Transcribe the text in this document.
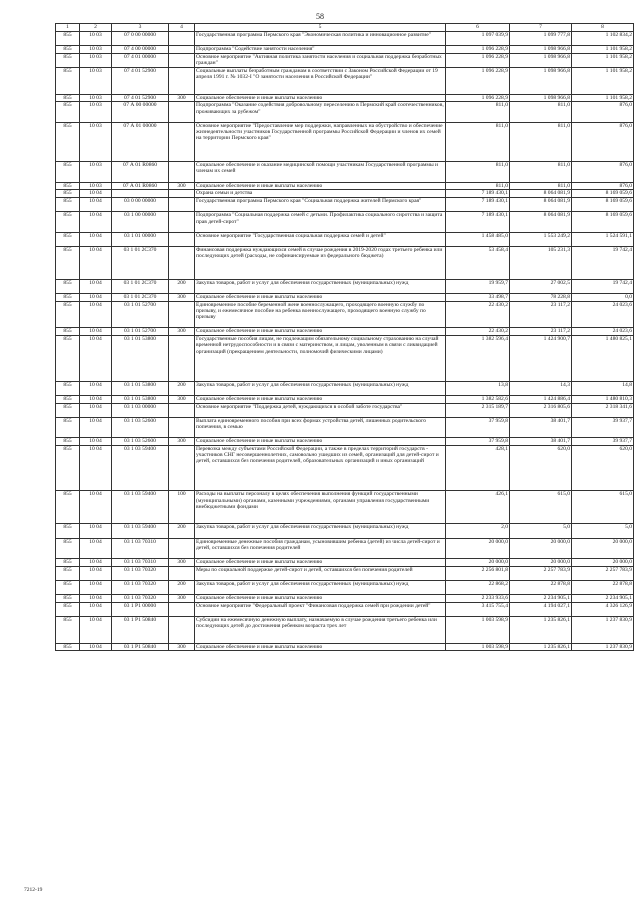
58
1	2	3	4	5	6	7	8
855	10 03	07 0 00 00000		Государственная программа Пермского края "Экономическая политика и инновационное развитие"	1 097 039,9	1 099 777,8	1 102 834,2
855	10 03	07 4 00 00000		Подпрограмма "Содействие занятости населения"	1 096 228,9	1 098 966,8	1 101 958,2
855	10 03	07 4 01 00000		Основное мероприятие "Активная политика занятости населения и социальная поддержка безработных граждан"	1 096 228,9	1 098 966,8	1 101 958,2
855	10 03	07 4 01 52900		Социальные выплаты безработным гражданам в соответствии с Законом Российской Федерации от 19 апреля 1991 г. № 1032-I "О занятости населения в Российской Федерации"	1 096 228,9	1 098 966,8	1 101 958,2
855	10 03	07 4 01 52900	300	Социальное обеспечение и иные выплаты населению	1 096 228,9	1 098 966,8	1 101 958,2
855	10 03	07 А 00 00000		Подпрограмма "Оказание содействия добровольному переселению в Пермский край соотечественников, проживающих за рубежом"	811,0	811,0	876,0
855	10 03	07 А 01 00000		Основное мероприятие "Предоставление мер поддержки, направленных на обустройство и обеспечение жизнедеятельности участников Государственной программы Российской Федерации и членов их семей на территории Пермского края"	811,0	811,0	876,0
855	10 03	07 А 01 R0860		Социальное обеспечение и оказание медицинской помощи участникам Государственной программы и членам их семей	811,0	811,0	876,0
855	10 03	07 А 01 R0860	300	Социальное обеспечение и иные выплаты населению	811,0	811,0	876,0
855	10 04			Охрана семьи и детства	7 189 430,1	8 064 081,9	8 169 059,6
855	10 04	03 0 00 00000		Государственная программа Пермского края "Социальная поддержка жителей Пермского края"	7 189 430,1	8 064 081,9	8 169 059,6
855	10 04	03 1 00 00000		Подпрограмма "Социальная поддержка семей с детьми. Профилактика социального сиротства и защита прав детей-сирот"	7 189 430,1	8 064 081,9	8 169 059,6
855	10 04	03 1 01 00000		Основное мероприятие "Государственная социальная поддержка семей и детей"	1 458 485,0	1 553 249,2	1 524 591,1
855	10 04	03 1 01 2С370		Финансовая поддержка нуждающихся семей в случае рождения в 2019-2020 годах третьего ребенка или последующих детей (расходы, не софинансируемые из федерального бюджета)	53 458,4	105 231,3	19 742,4
855	10 04	03 1 01 2С370	200	Закупка товаров, работ и услуг для обеспечения государственных (муниципальных) нужд	19 959,7	27 002,5	19 742,4
855	10 04	03 1 01 2С370	300	Социальное обеспечение и иные выплаты населению	33 498,7	78 228,8	0,0
855	10 04	03 1 01 52700		Единовременное пособие беременной жене военнослужащего, проходящего военную службу по призыву, и ежемесячное пособие на ребенка военнослужащего, проходящего военную службу по призыву	22 430,2	23 117,2	24 023,6
855	10 04	03 1 01 52700	300	Социальное обеспечение и иные выплаты населению	22 430,2	23 117,2	24 023,6
855	10 04	03 1 01 53800		Государственные пособия лицам, не подлежащим обязательному социальному страхованию на случай временной нетрудоспособности и в связи с материнством, и лицам, уволенным в связи с ликвидацией организаций (прекращением деятельности, полномочий физическими лицами)	1 382 596,4	1 424 900,7	1 480 825,1
855	10 04	03 1 01 53800	200	Закупка товаров, работ и услуг для обеспечения государственных (муниципальных) нужд	13,8	14,3	14,8
855	10 04	03 1 01 53800	300	Социальное обеспечение и иные выплаты населению	1 382 582,6	1 424 886,4	1 480 810,3
855	10 04	03 1 03 00000		Основное мероприятие "Поддержка детей, нуждающихся в особой заботе государства"	2 315 189,7	2 316 805,6	2 318 341,6
855	10 04	03 1 03 52600		Выплата единовременного пособия при всех формах устройства детей, лишенных родительского попечения, в семью	37 959,8	38 401,7	39 937,7
855	10 04	03 1 03 52600	300	Социальное обеспечение и иные выплаты населению	37 959,8	38 401,7	39 937,7
855	10 04	03 1 03 59400		Перевозка между субъектами Российской Федерации, а также в пределах территорий государств - участников СНГ несовершеннолетних, самовольно ушедших из семей, организаций для детей-сирот и детей, оставшихся без попечения родителей, образовательных организаций и иных организаций	428,1	620,0	620,0
855	10 04	03 1 03 59400	100	Расходы на выплаты персоналу в целях обеспечения выполнения функций государственными (муниципальными) органами, казенными учреждениями, органами управления государственными внебюджетными фондами	426,1	615,0	615,0
855	10 04	03 1 03 59400	200	Закупка товаров, работ и услуг для обеспечения государственных (муниципальных) нужд	2,0	5,0	5,0
855	10 04	03 1 03 70310		Единовременные денежные пособия гражданам, усыновившим ребенка (детей) из числа детей-сирот и детей, оставшихся без попечения родителей	20 000,0	20 000,0	20 000,0
855	10 04	03 1 03 70310	300	Социальное обеспечение и иные выплаты населению	20 000,0	20 000,0	20 000,0
855	10 04	03 1 03 70320		Меры по социальной поддержке детей-сирот и детей, оставшихся без попечения родителей	2 256 801,8	2 257 783,9	2 257 783,9
855	10 04	03 1 03 70320	200	Закупка товаров, работ и услуг для обеспечения государственных (муниципальных) нужд	22 868,2	22 878,8	22 878,8
855	10 04	03 1 03 70320	300	Социальное обеспечение и иные выплаты населению	2 233 933,6	2 234 905,1	2 234 905,1
855	10 04	03 1 Р1 00000		Основное мероприятие "Федеральный проект "Финансовая поддержка семей при рождении детей"	3 415 755,4	4 194 027,1	4 326 126,9
855	10 04	03 1 Р1 50840		Субсидии на ежемесячную денежную выплату, назначаемую в случае рождения третьего ребенка или последующих детей до достижения ребенком возраста трех лет	1 003 598,9	1 235 826,1	1 237 830,9
855	10 04	03 1 Р1 50840	300	Социальное обеспечение и иные выплаты населению	1 003 598,9	1 235 826,1	1 237 830,9
7212-19
